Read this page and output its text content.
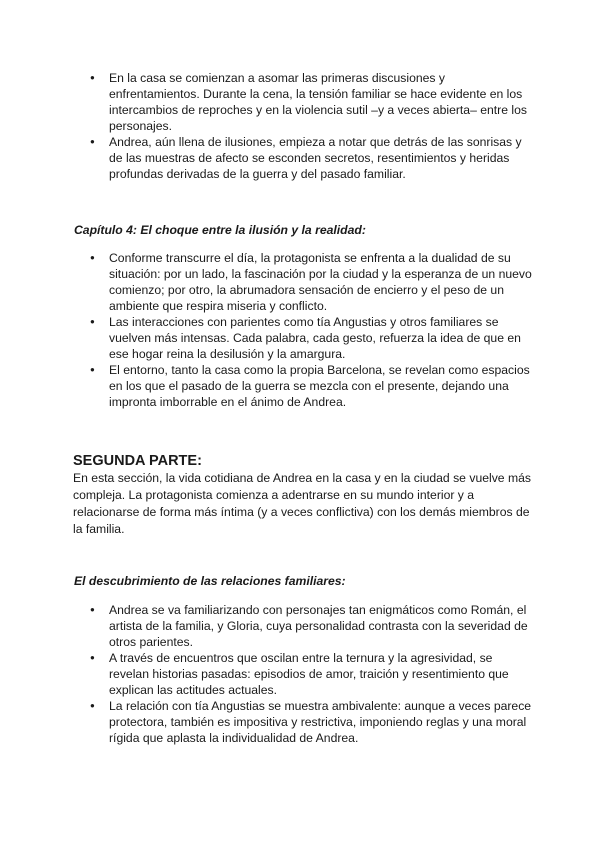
● En la casa se comienzan a asomar las primeras discusiones y enfrentamientos. Durante la cena, la tensión familiar se hace evidente en los intercambios de reproches y en la violencia sutil –y a veces abierta– entre los personajes.
● Andrea, aún llena de ilusiones, empieza a notar que detrás de las sonrisas y de las muestras de afecto se esconden secretos, resentimientos y heridas profundas derivadas de la guerra y del pasado familiar.
Capítulo 4: El choque entre la ilusión y la realidad:
● Conforme transcurre el día, la protagonista se enfrenta a la dualidad de su situación: por un lado, la fascinación por la ciudad y la esperanza de un nuevo comienzo; por otro, la abrumadora sensación de encierro y el peso de un ambiente que respira miseria y conflicto.
● Las interacciones con parientes como tía Angustias y otros familiares se vuelven más intensas. Cada palabra, cada gesto, refuerza la idea de que en ese hogar reina la desilusión y la amargura.
● El entorno, tanto la casa como la propia Barcelona, se revelan como espacios en los que el pasado de la guerra se mezcla con el presente, dejando una impronta imborrable en el ánimo de Andrea.
SEGUNDA PARTE:

En esta sección, la vida cotidiana de Andrea en la casa y en la ciudad se vuelve más compleja. La protagonista comienza a adentrarse en su mundo interior y a relacionarse de forma más íntima (y a veces conflictiva) con los demás miembros de la familia.

El descubrimiento de las relaciones familiares:
● Andrea se va familiarizando con personajes tan enigmáticos como Román, el artista de la familia, y Gloria, cuya personalidad contrasta con la severidad de otros parientes.
● A través de encuentros que oscilan entre la ternura y la agresividad, se revelan historias pasadas: episodios de amor, traición y resentimiento que explican las actitudes actuales.
● La relación con tía Angustias se muestra ambivalente: aunque a veces parece protectora, también es impositiva y restrictiva, imponiendo reglas y una moral rígida que aplasta la individualidad de Andrea.
